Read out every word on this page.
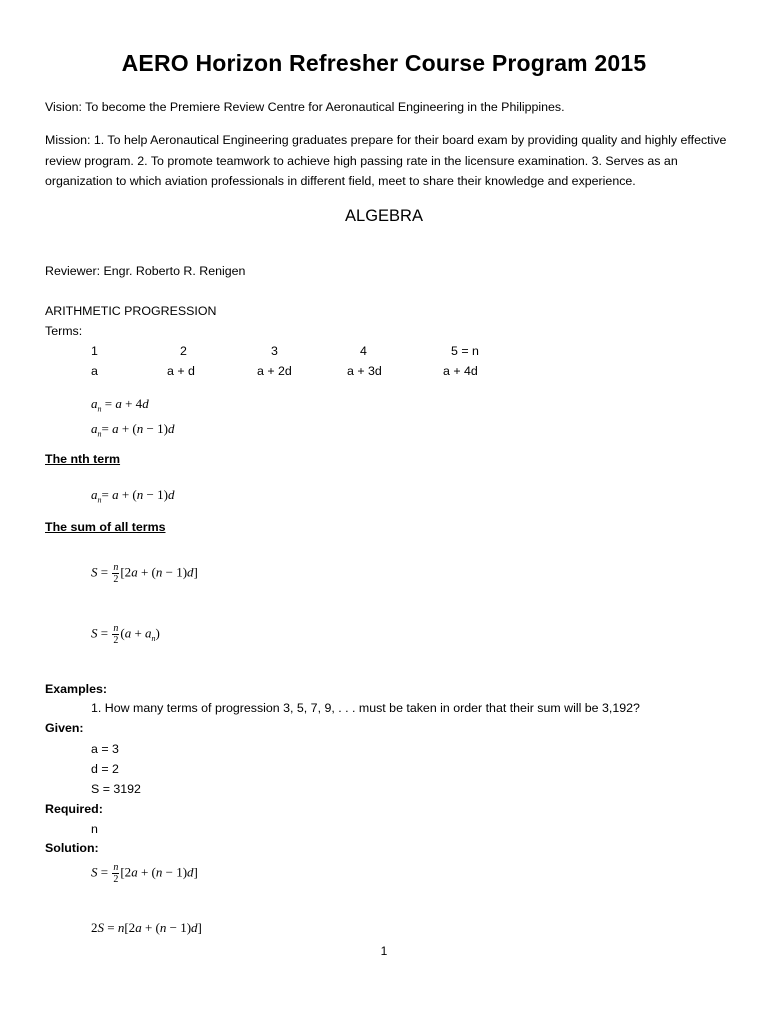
AERO Horizon Refresher Course Program 2015
Vision: To become the Premiere Review Centre for Aeronautical Engineering in the Philippines.
Mission: 1. To help Aeronautical Engineering graduates prepare for their board exam by providing quality and highly effective review program. 2. To promote teamwork to achieve high passing rate in the licensure examination. 3. Serves as an organization to which aviation professionals in different field, meet to share their knowledge and experience.
ALGEBRA
Reviewer: Engr. Roberto R. Renigen
ARITHMETIC PROGRESSION
Terms:
1	2	3	4	5 = n
a	a + d	a + 2d	a + 3d	a + 4d
$a_n = a + 4d$
$a_n= a + (n - 1)d$
The nth term
$a_n= a + (n - 1)d$
The sum of all terms
$S = \frac{n}{2} [2a + (n - 1)d]$
$S = \frac{n}{2} (a + a_n)$
Examples:
1. How many terms of progression 3, 5, 7, 9, . . . must be taken in order that their sum will be 3,192?
Given:
a = 3
d = 2
S = 3192
Required:
n
Solution:
$S = \frac{n}{2} [2a + (n - 1)d]$
2S = n[2a + (n − 1)d]
1
